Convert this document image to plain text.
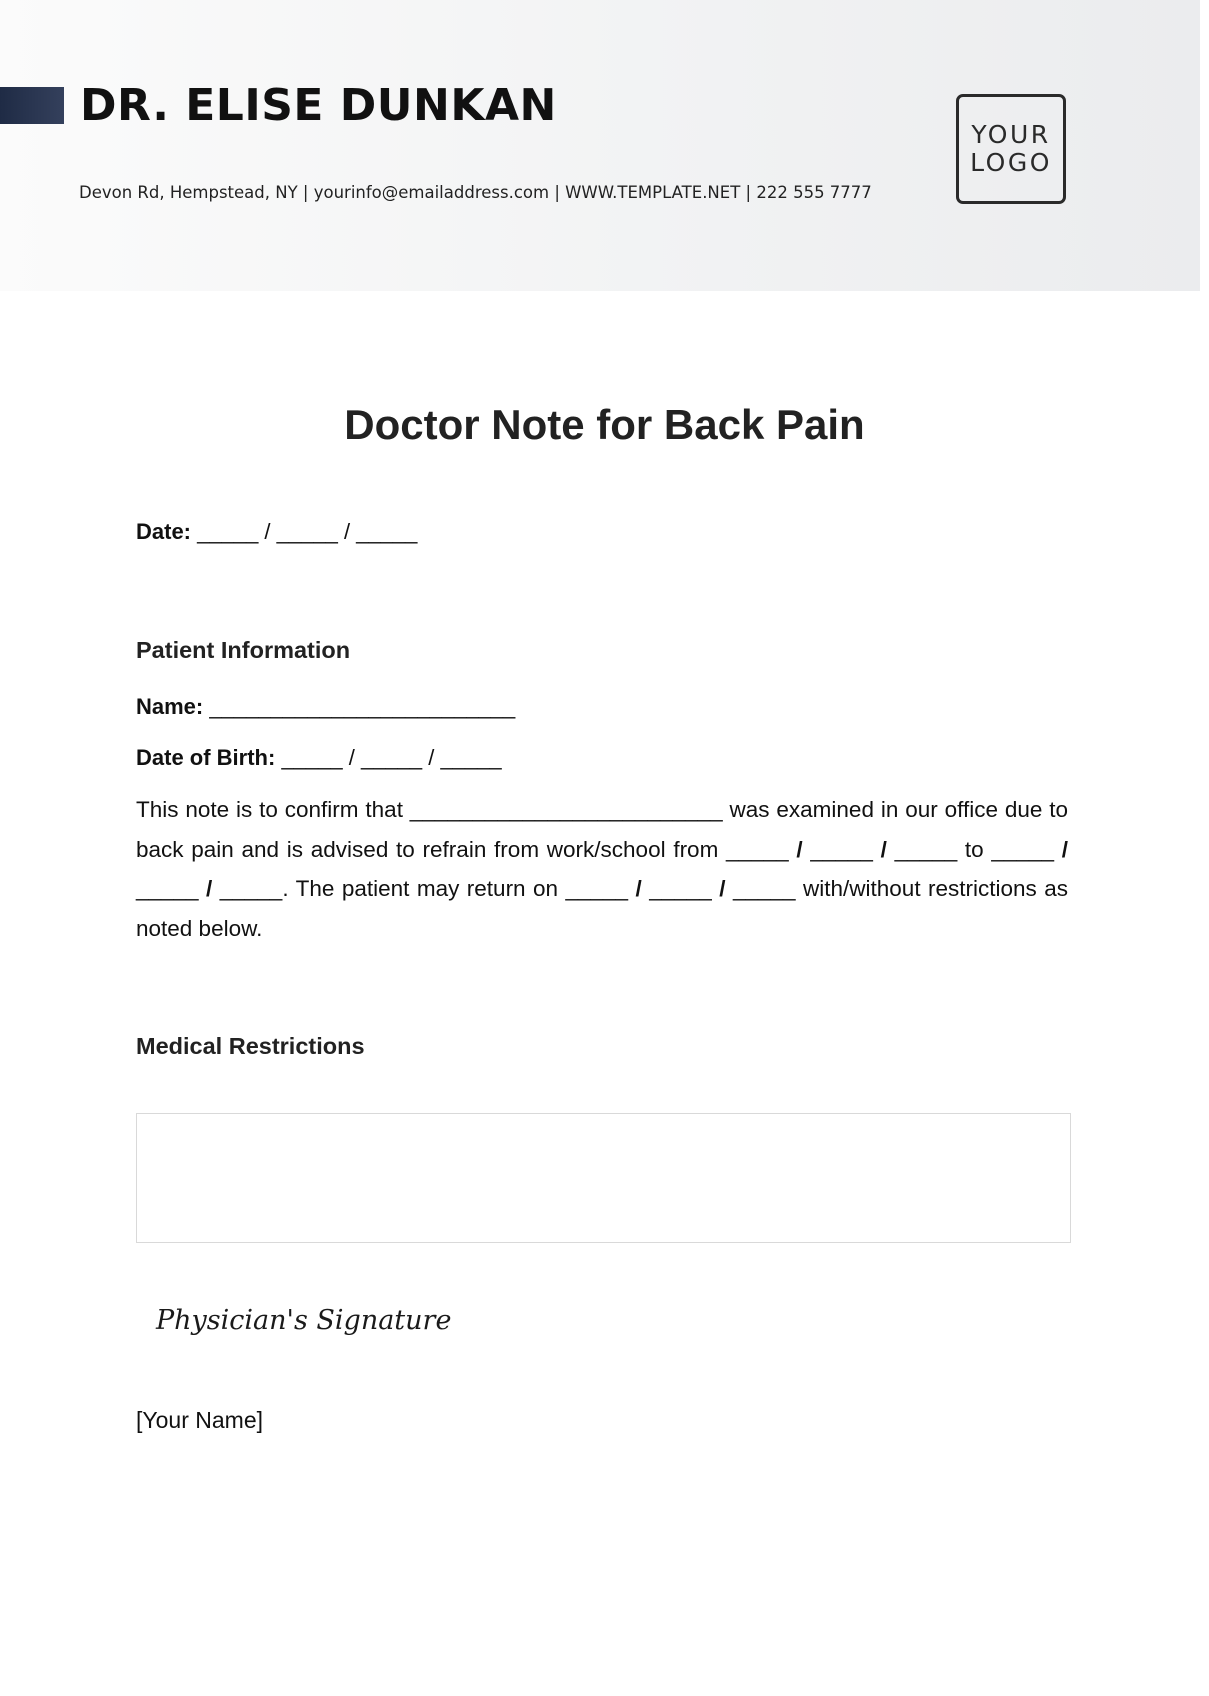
DR. ELISE DUNKAN
Devon Rd, Hempstead, NY | yourinfo@emailaddress.com | WWW.TEMPLATE.NET | 222 555 7777
YOUR
LOGO
Doctor Note for Back Pain
Date: _____ / _____ / _____
Patient Information
Name: _________________________
Date of Birth: _____ / _____ / _____

This note is to confirm that _________________________ was examined in our office due to back pain and is advised to refrain from work/school from _____ / _____ / _____ to _____ / _____ / _____. The patient may return on _____ / _____ / _____ with/without restrictions as noted below.

Medical Restrictions
Physician's Signature
[Your Name]
